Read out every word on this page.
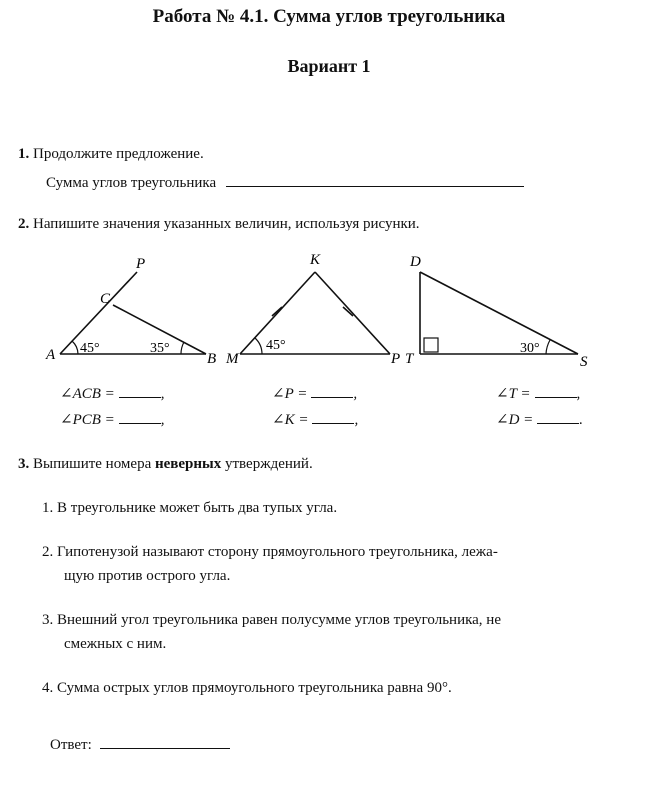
Работа № 4.1. Сумма углов треугольника
Вариант 1
1. Продолжите предложение.
Сумма углов треугольника
2. Напишите значения указанных величин, используя рисунки.
A	B
C
P
45°	35°
M	P
K
45°
T
D
S
30°
∠ACB =	,
∠PCB =	,
∠P =	,
∠K =	,
∠T =	,
∠D =	.
3. Выпишите номера неверных утверждений.
1. В треугольнике может быть два тупых угла.
2. Гипотенузой называют сторону прямоугольного треугольника, лежа-
щую против острого угла.
3. Внешний угол треугольника равен полусумме углов треугольника, не
смежных с ним.
4. Сумма острых углов прямоугольного треугольника равна 90°.
Ответ:
